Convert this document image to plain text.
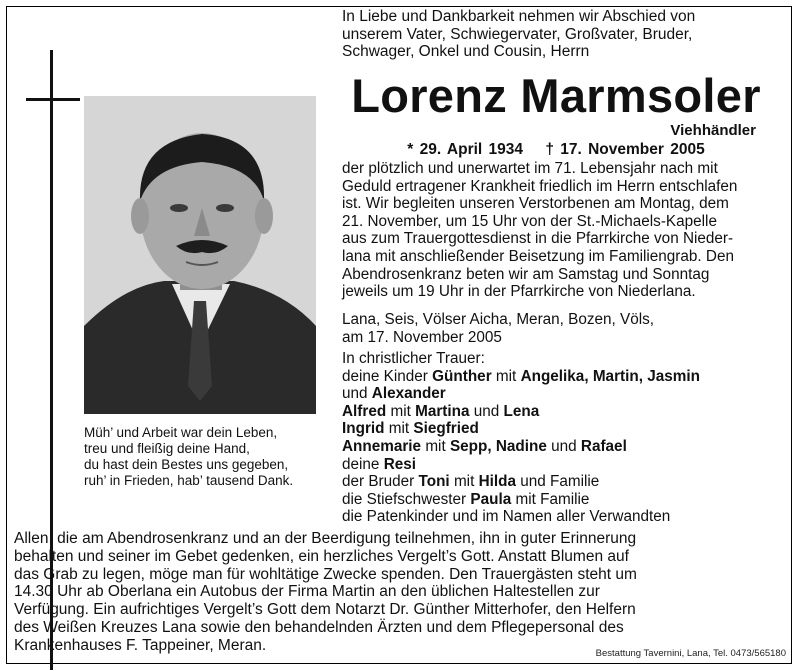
Müh’ und Arbeit war dein Leben,
treu und fleißig deine Hand,
du hast dein Bestes uns gegeben,
ruh’ in Frieden, hab’ tausend Dank.
In Liebe und Dankbarkeit nehmen wir Abschied von
unserem Vater, Schwiegervater, Großvater, Bruder,
Schwager, Onkel und Cousin, Herrn
Lorenz Marmsoler
Viehhändler
* 29. April 1934 † 17. November 2005
der plötzlich und unerwartet im 71. Lebensjahr nach mit
Geduld ertragener Krankheit friedlich im Herrn entschlafen
ist. Wir begleiten unseren Verstorbenen am Montag, dem
21. November, um 15 Uhr von der St.-Michaels-Kapelle
aus zum Trauergottesdienst in die Pfarrkirche von Nieder-
lana mit anschließender Beisetzung im Familiengrab. Den
Abendrosenkranz beten wir am Samstag und Sonntag
jeweils um 19 Uhr in der Pfarrkirche von Niederlana.
Lana, Seis, Völser Aicha, Meran, Bozen, Völs,
am 17. November 2005
In christlicher Trauer:
deine Kinder Günther mit Angelika, Martin, Jasmin
und Alexander
Alfred mit Martina und Lena
Ingrid mit Siegfried
Annemarie mit Sepp, Nadine und Rafael
deine Resi
der Bruder Toni mit Hilda und Familie
die Stiefschwester Paula mit Familie
die Patenkinder und im Namen aller Verwandten
Allen, die am Abendrosenkranz und an der Beerdigung teilnehmen, ihn in guter Erinnerung
behalten und seiner im Gebet gedenken, ein herzliches Vergelt’s Gott. Anstatt Blumen auf
das Grab zu legen, möge man für wohltätige Zwecke spenden. Den Trauergästen steht um
14.30 Uhr ab Oberlana ein Autobus der Firma Martin an den üblichen Haltestellen zur
Verfügung. Ein aufrichtiges Vergelt’s Gott dem Notarzt Dr. Günther Mitterhofer, den Helfern
des Weißen Kreuzes Lana sowie den behandelnden Ärzten und dem Pflegepersonal des
Krankenhauses F. Tappeiner, Meran.	Bestattung Tavernini, Lana, Tel. 0473/565180
